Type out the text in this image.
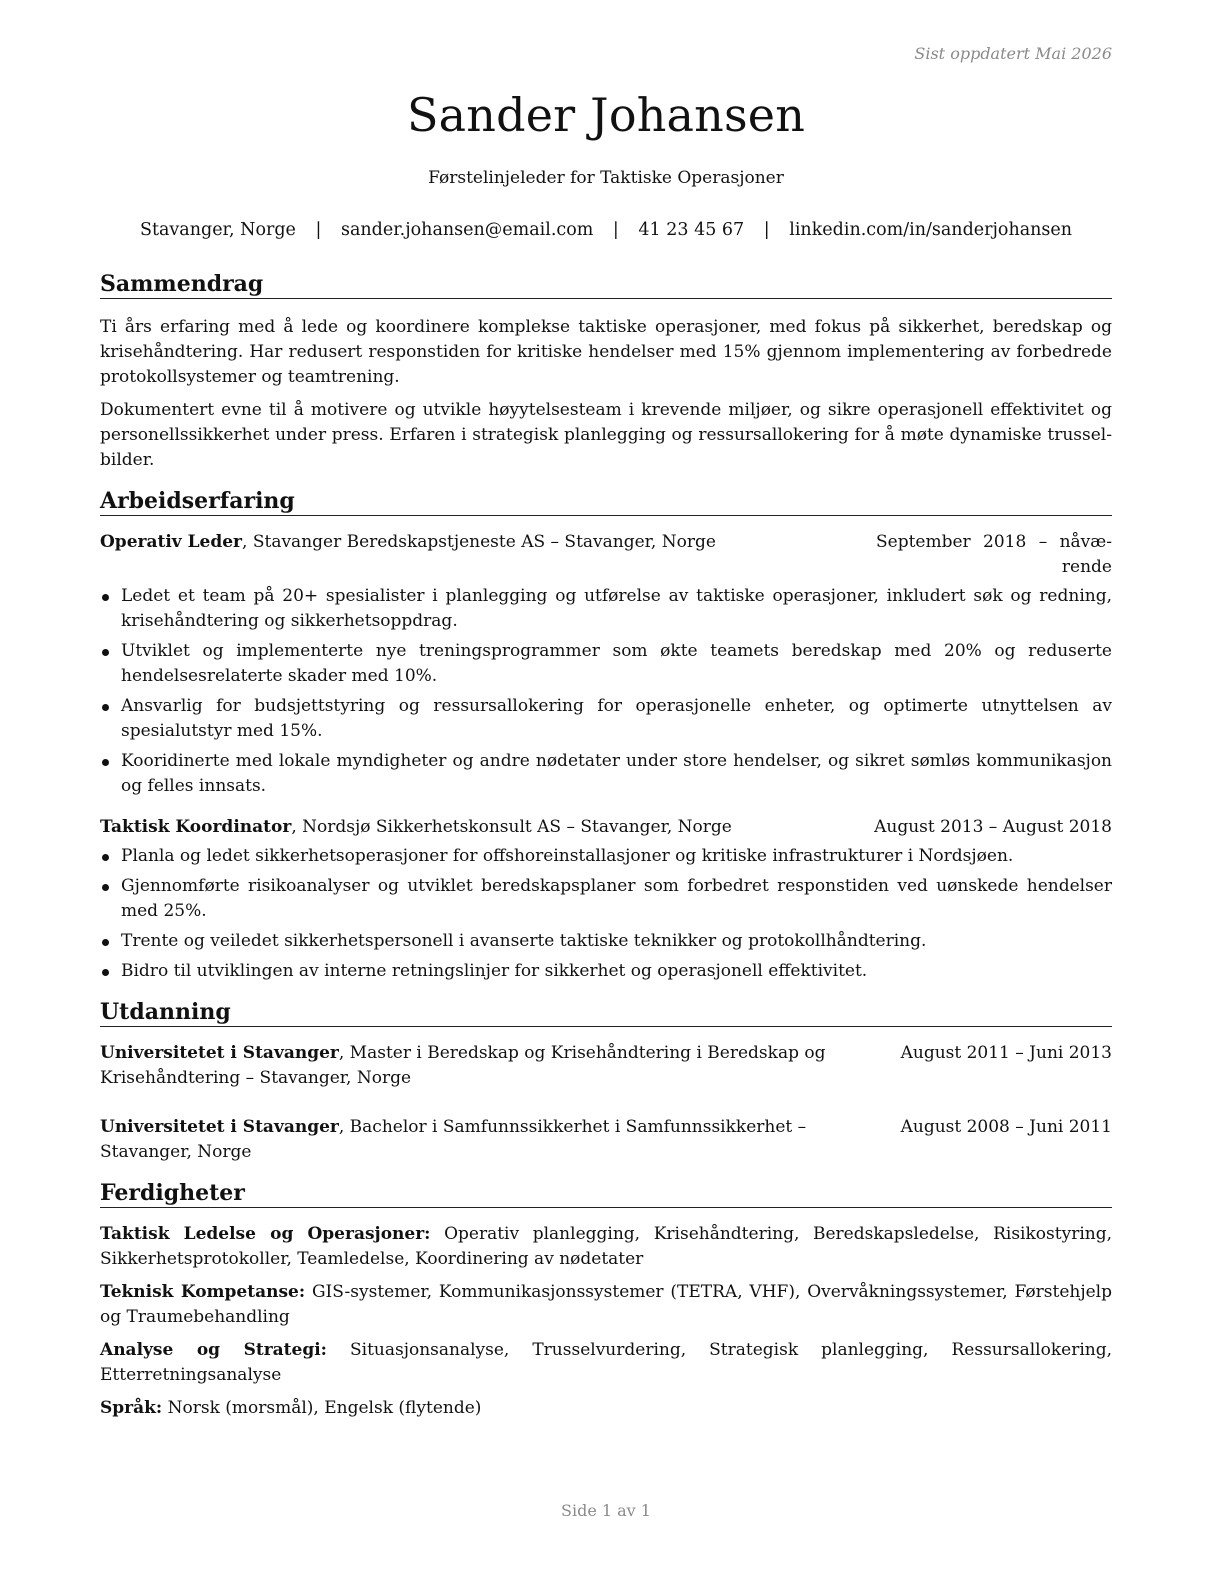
Sist oppdatert Mai 2026
Sander Johansen
Førstelinjeleder for Taktiske Operasjoner
Stavanger, Norge | sander.johansen@email.com | 41 23 45 67 | linkedin.com/in/sanderjohansen
Sammendrag

Ti års erfaring med å lede og koordinere komplekse taktiske operasjoner, med fokus på sikkerhet, beredskap og krisehåndtering. Har redusert responstiden for kritiske hendelser med 15% gjennom implementering av forbedrede protokollsystemer og teamtrening.

Dokumentert evne til å motivere og utvikle høyytelsesteam i krevende miljøer, og sikre operasjonell effektivitet og personellssikkerhet under press. Erfaren i strategisk planlegging og ressursallokering for å møte dynamiske trusselbilder.

Arbeidserfaring
Operativ Leder, Stavanger Beredskapstjeneste AS – Stavanger, Norge	September 2018 – nåværende
Ledet et team på 20+ spesialister i planlegging og utførelse av taktiske operasjoner, inkludert søk og redning, krisehåndtering og sikkerhetsoppdrag.
Utviklet og implementerte nye treningsprogrammer som økte teamets beredskap med 20% og reduserte hendelsesrelaterte skader med 10%.
Ansvarlig for budsjettstyring og ressursallokering for operasjonelle enheter, og optimerte utnyttelsen av spesialutstyr med 15%.
Kooridinerte med lokale myndigheter og andre nødetater under store hendelser, og sikret sømløs kommunikasjon og felles innsats.
Taktisk Koordinator, Nordsjø Sikkerhetskonsult AS – Stavanger, Norge	August 2013 – August 2018
Planla og ledet sikkerhetsoperasjoner for offshoreinstallasjoner og kritiske infrastrukturer i Nordsjøen.
Gjennomførte risikoanalyser og utviklet beredskapsplaner som forbedret responstiden ved uønskede hendelser med 25%.
Trente og veiledet sikkerhetspersonell i avanserte taktiske teknikker og protokollhåndtering.
Bidro til utviklingen av interne retningslinjer for sikkerhet og operasjonell effektivitet.
Utdanning
Universitetet i Stavanger, Master i Beredskap og Krisehåndtering i Beredskap og Krisehåndtering – Stavanger, Norge
August 2011 – Juni 2013
Universitetet i Stavanger, Bachelor i Samfunnssikkerhet i Samfunnssikkerhet – Stavanger, Norge
August 2008 – Juni 2011
Ferdigheter

Taktisk Ledelse og Operasjoner: Operativ planlegging, Krisehåndtering, Beredskapsledelse, Risikostyring, Sikkerhetsprotokoller, Teamledelse, Koordinering av nødetater

Teknisk Kompetanse: GIS-systemer, Kommunikasjonssystemer (TETRA, VHF), Overvåkningssystemer, Førstehjelp og Traumebehandling

Analyse og Strategi: Situasjonsanalyse, Trusselvurdering, Strategisk planlegging, Ressursallokering, Etterretningsanalyse

Språk: Norsk (morsmål), Engelsk (flytende)

Side 1 av 1
